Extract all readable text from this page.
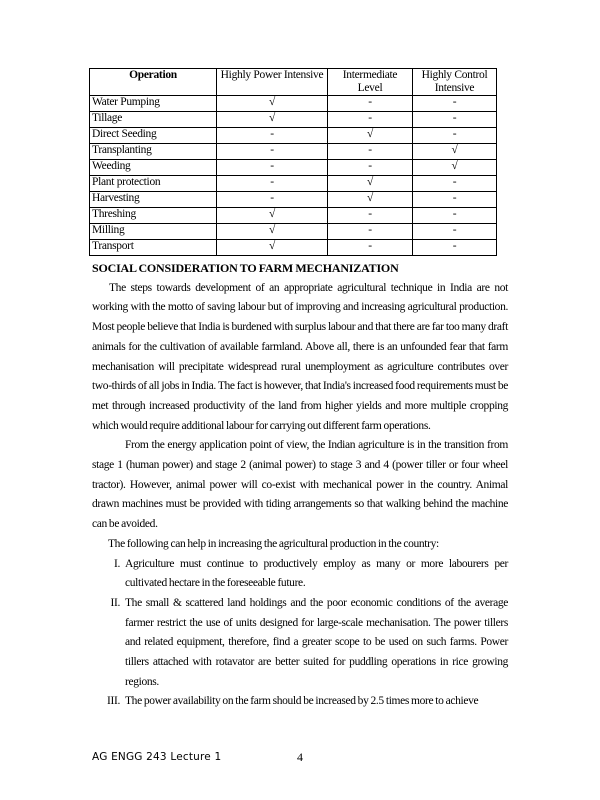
Operation	Highly Power Intensive	Intermediate Level	Highly Control Intensive
Water Pumping	√	-	-
Tillage	√	-	-
Direct Seeding	-	√	-
Transplanting	-	-	√
Weeding	-	-	√
Plant protection	-	√	-
Harvesting	-	√	-
Threshing	√	-	-
Milling	√	-	-
Transport	√	-	-
SOCIAL CONSIDERATION TO FARM MECHANIZATION

The steps towards development of an appropriate agricultural technique in India are not working with the motto of saving labour but of improving and increasing agricultural production. Most people believe that India is burdened with surplus labour and that there are far too many draft animals for the cultivation of available farmland. Above all, there is an unfounded fear that farm mechanisation will precipitate widespread rural unemployment as agriculture contributes over two-thirds of all jobs in India. The fact is however, that India's increased food requirements must be met through increased productivity of the land from higher yields and more multiple cropping which would require additional labour for carrying out different farm operations.

From the energy application point of view, the Indian agriculture is in the transition from stage 1 (human power) and stage 2 (animal power) to stage 3 and 4 (power tiller or four wheel tractor). However, animal power will co-exist with mechanical power in the country. Animal drawn machines must be provided with tiding arrangements so that walking behind the machine can be avoided.

The following can help in increasing the agricultural production in the country:

I. Agriculture must continue to productively employ as many or more labourers per cultivated hectare in the foreseeable future.
II. The small & scattered land holdings and the poor economic conditions of the average farmer restrict the use of units designed for large-scale mechanisation. The power tillers and related equipment, therefore, find a greater scope to be used on such farms. Power tillers attached with rotavator are better suited for puddling operations in rice growing regions.
III. The power availability on the farm should be increased by 2.5 times more to achieve
AG ENGG 243 Lecture 1	4
